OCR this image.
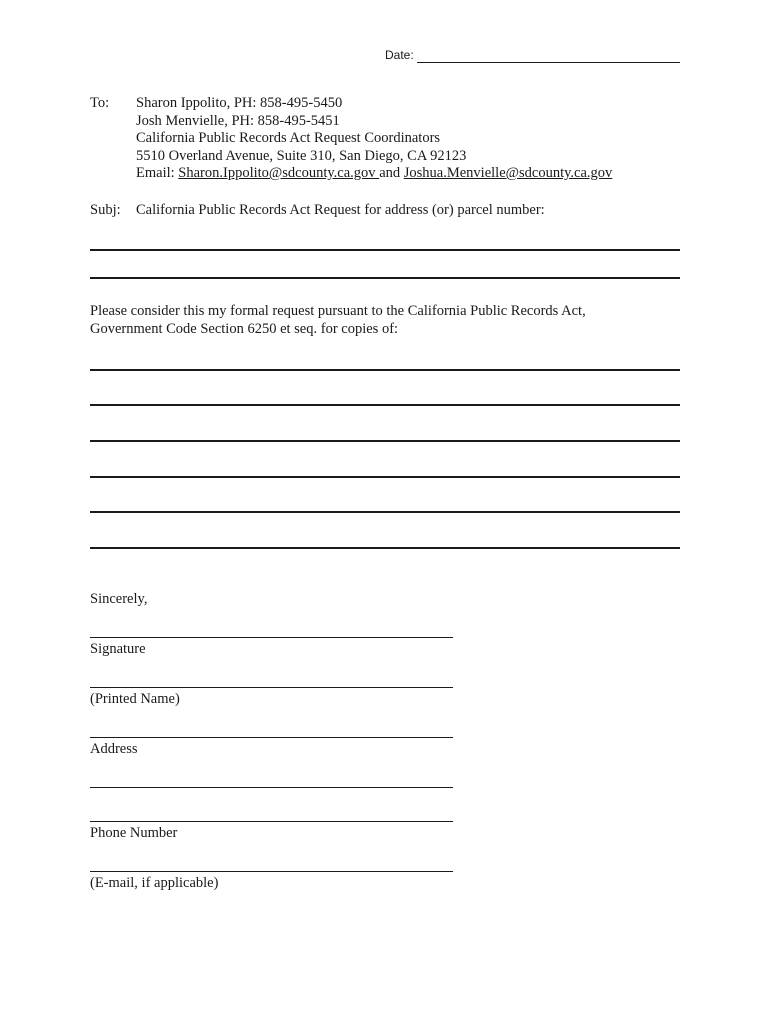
Date:
To: Sharon Ippolito, PH: 858-495-5450
Josh Menvielle, PH: 858-495-5451
California Public Records Act Request Coordinators
5510 Overland Avenue, Suite 310, San Diego, CA 92123
Email: Sharon.Ippolito@sdcounty.ca.gov and Joshua.Menvielle@sdcounty.ca.gov
Subj: California Public Records Act Request for address (or) parcel number:
Please consider this my formal request pursuant to the California Public Records Act,
Government Code Section 6250 et seq. for copies of:
Sincerely,
Signature
(Printed Name)
Address
Phone Number
(E-mail, if applicable)
